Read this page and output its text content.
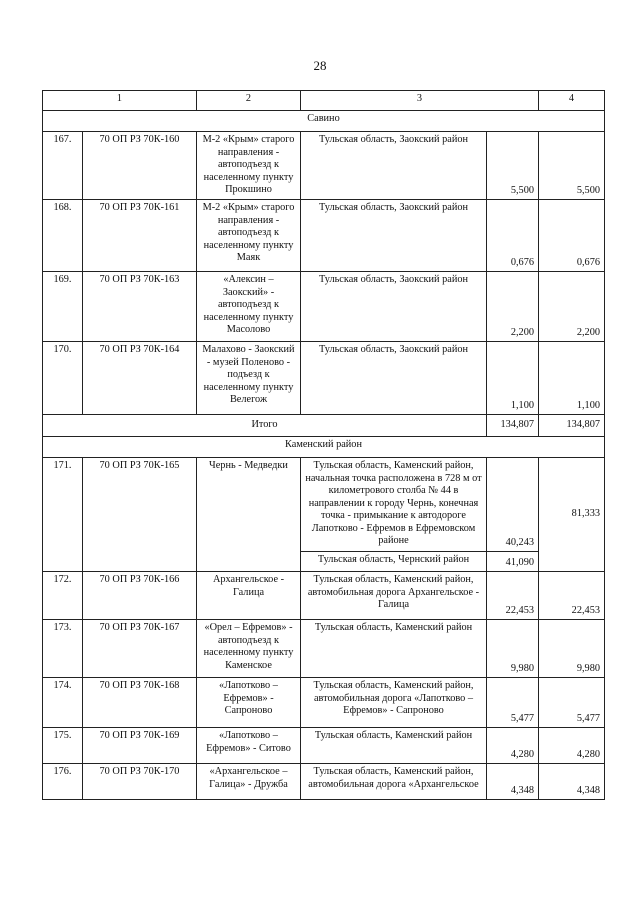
28
1		2	3		4
Савино					
167.	70 ОП РЗ 70К-160	М-2 «Крым» старого направления - автоподъезд к населенному пункту Прокшино	Тульская область, Заокский район	5,500	5,500
168.	70 ОП РЗ 70К-161	М-2 «Крым» старого направления - автоподъезд к населенному пункту Маяк	Тульская область, Заокский район	0,676	0,676
169.	70 ОП РЗ 70К-163	«Алексин – Заокский» - автоподъезд к населенному пункту Масолово	Тульская область, Заокский район	2,200	2,200
170.	70 ОП РЗ 70К-164	Малахово - Заокский - музей Поленово - подъезд к населенному пункту Велегож	Тульская область, Заокский район	1,100	1,100
Итого				134,807	134,807
Каменский район					
171.	70 ОП РЗ 70К-165	Чернь - Медведки	Тульская область, Каменский район, начальная точка расположена в 728 м от километрового столба № 44 в направлении к городу Чернь, конечная точка - примыкание к автодороге Лапотково - Ефремов в Ефремовском районе	40,243	81,333
			Тульская область, Чернский район	41,090	
172.	70 ОП РЗ 70К-166	Архангельское - Галица	Тульская область, Каменский район, автомобильная дорога Архангельское - Галица	22,453	22,453
173.	70 ОП РЗ 70К-167	«Орел – Ефремов» - автоподъезд к населенному пункту Каменское	Тульская область, Каменский район	9,980	9,980
174.	70 ОП РЗ 70К-168	«Лапотково – Ефремов» - Сапроново	Тульская область, Каменский район, автомобильная дорога «Лапотково – Ефремов» - Сапроново	5,477	5,477
175.	70 ОП РЗ 70К-169	«Лапотково – Ефремов» - Ситово	Тульская область, Каменский район	4,280	4,280
176.	70 ОП РЗ 70К-170	«Архангельское – Галица» - Дружба	Тульская область, Каменский район, автомобильная дорога «Архангельское	4,348	4,348
